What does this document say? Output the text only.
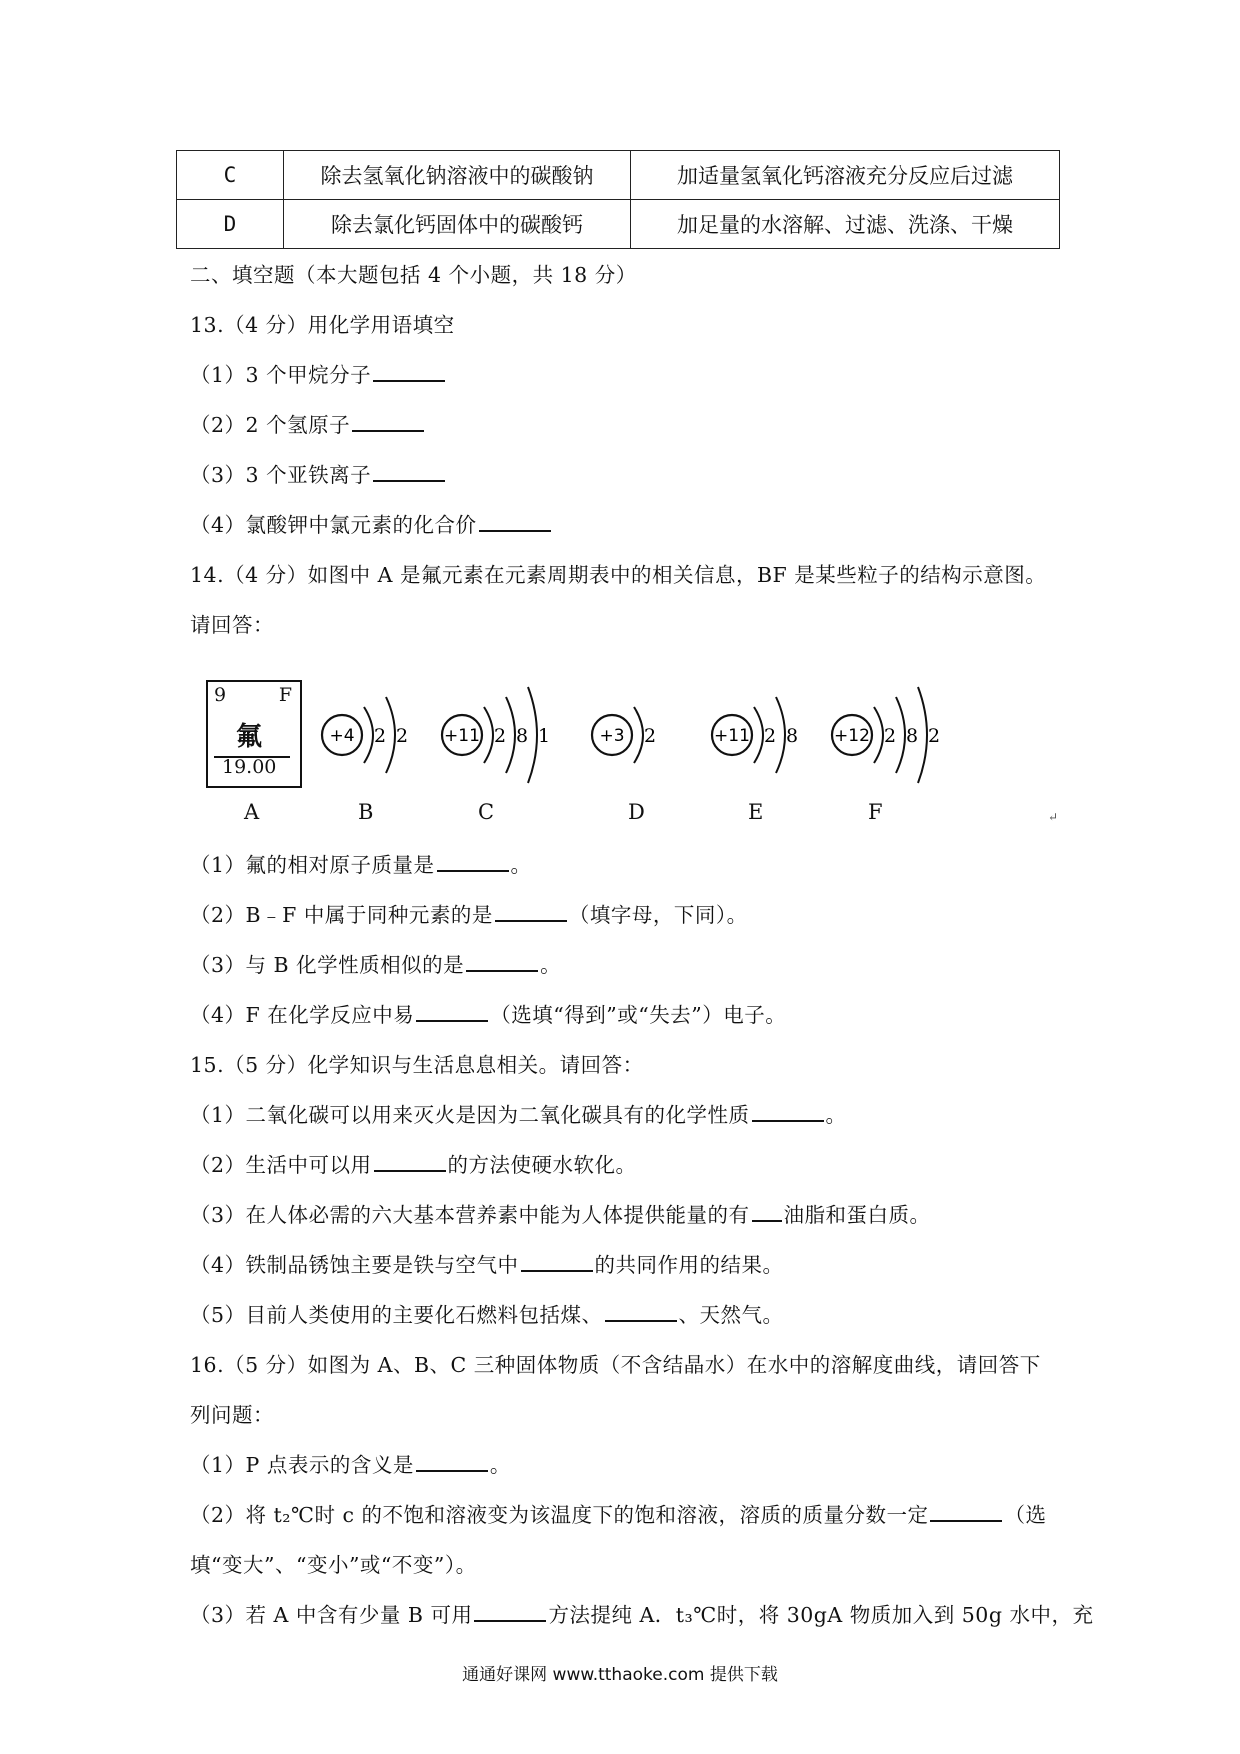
C	除去氢氧化钠溶液中的碳酸钠	加适量氢氧化钙溶液充分反应后过滤
D	除去氯化钙固体中的碳酸钙	加足量的水溶解、过滤、洗涤、干燥
二、填空题（本大题包括 4 个小题，共 18 分）
13.（4 分）用化学用语填空
（1）3 个甲烷分子
（2）2 个氢原子
（3）3 个亚铁离子
（4）氯酸钾中氯元素的化合价
14.（4 分）如图中 A 是氟元素在元素周期表中的相关信息，BF 是某些粒子的结构示意图。
请回答：
9	F
氟
19.00
A
+4 2 2
B
+11 2 8 1
C
+3 2
D
+11 2 8
E
+12 2 8 2
F	↵
（1）氟的相对原子质量是	。
（2）B﹣F 中属于同种元素的是	（填字母，下同）。
（3）与 B 化学性质相似的是	。
（4）F 在化学反应中易	（选填“得到”或“失去”）电子。
15.（5 分）化学知识与生活息息相关。请回答：
（1）二氧化碳可以用来灭火是因为二氧化碳具有的化学性质	。
（2）生活中可以用	的方法使硬水软化。
（3）在人体必需的六大基本营养素中能为人体提供能量的有 油脂和蛋白质。
（4）铁制品锈蚀主要是铁与空气中	的共同作用的结果。
（5）目前人类使用的主要化石燃料包括煤、	、天然气。
16.（5 分）如图为 A、B、C 三种固体物质（不含结晶水）在水中的溶解度曲线，请回答下
列问题：
（1）P 点表示的含义是	。
（2）将 t₂℃时 c 的不饱和溶液变为该温度下的饱和溶液，溶质的质量分数一定	（选
填“变大”、“变小”或“不变”）。
（3）若 A 中含有少量 B 可用	方法提纯 A．t₃℃时，将 30gA 物质加入到 50g 水中，充
通通好课网 www.tthaoke.com 提供下载
